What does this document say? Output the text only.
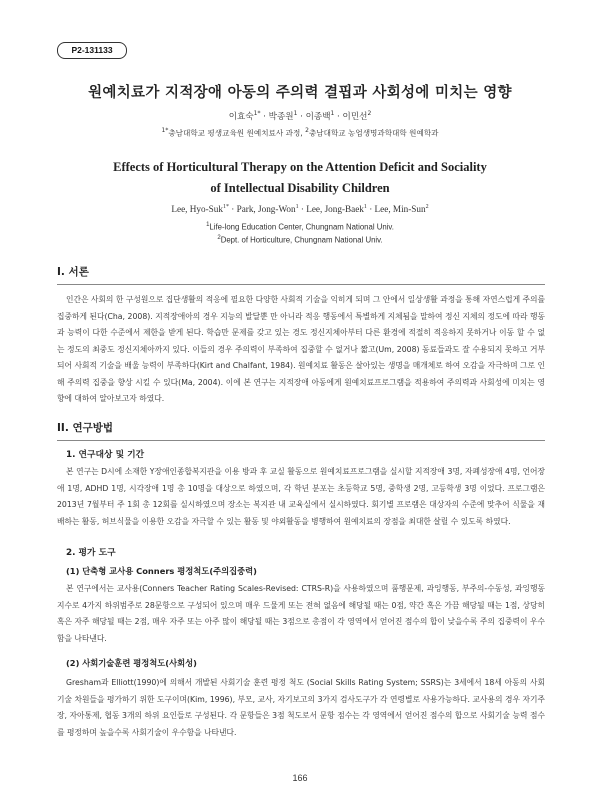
P2-131133
원예치료가 지적장애 아동의 주의력 결핍과 사회성에 미치는 영향
이효숙$^{1*}$ · 박종원$^1$ · 이종백$^1$ · 이민선$^2$
$^{1*}$충남대학교 평생교육원 원예치료사 과정, $^2$충남대학교 농업생명과학대학 원예학과
Effects of Horticultural Therapy on the Attention Deficit and Sociality
of Intellectual Disability Children
Lee, Hyo-Suk$^{1*}$ · Park, Jong-Won$^1$ · Lee, Jong-Baek$^1$ · Lee, Min-Sun$^2$
$^1$Life-long Education Center, Chungnam National Univ.
$^2$Dept. of Horticulture, Chungnam National Univ.
I. 서론

인간은 사회의 한 구성원으로 집단생활의 적응에 필요한 다양한 사회적 기술을 익히게 되며 그 안에서 일상생활 과정을 통해 자연스럽게 주의를 집중하게 된다(Cha, 2008). 지적장애아의 경우 지능의 발달뿐 만 아니라 적응 행동에서 특별하게 지체됨을 말하여 정신 지체의 정도에 따라 행동과 능력이 다한 수준에서 제한을 받게 된다. 학습만 문제를 갖고 있는 경도 정신지체아부터 다른 환경에 적절히 적응하지 못하거나 이동 할 수 없는 정도의 최중도 정신지체아까지 있다. 이들의 경우 주의력이 부족하여 집중할 수 없거나 짧고(Um, 2008) 동료들과도 잘 수용되지 못하고 거부되어 사회적 기술을 배울 능력이 부족하다(Kirt and Chalfant, 1984). 원예치료 활동은 살아있는 생명을 매개체로 하여 오감을 자극하며 그로 인해 주의력 집중을 향상 시킬 수 있다(Ma, 2004). 이에 본 연구는 지적장애 아동에게 원예치료프로그램을 적용하여 주의력과 사회성에 미치는 영향에 대하여 알아보고자 하였다.

II. 연구방법
1. 연구대상 및 기간

본 연구는 D시에 소재한 Y장애인종합복지관을 이용 방과 후 교실 활동으로 원예치료프로그램을 실시할 지적장애 3명, 자폐성장애 4명, 언어장애 1명, ADHD 1명, 시각장애 1명 총 10명을 대상으로 하였으며, 각 학년 분포는 초등학교 5명, 중학생 2명, 고등학생 3명 이었다. 프로그램은 2013년 7월부터 주 1회 총 12회를 실시하였으며 장소는 복지관 내 교육실에서 실시하였다. 회기별 프로램은 대상자의 수준에 맞추어 식물을 재배하는 활동, 허브식물을 이용한 오감을 자극할 수 있는 활동 및 야외활동을 병행하여 원예치료의 장점을 최대한 살릴 수 있도록 하였다.

2. 평가 도구
(1) 단축형 교사용 Conners 평정척도(주의집중력)

본 연구에서는 교사용(Conners Teacher Rating Scales-Revised: CTRS-R)을 사용하였으며 품행문제, 과잉행동, 부주의-수동성, 과잉행동 지수로 4가지 하위범주로 28문항으로 구성되어 있으며 매우 드물게 또는 전혀 없음에 해당될 때는 0점, 약간 혹은 가끔 해당될 때는 1점, 상당히 혹은 자주 해당될 때는 2점, 매우 자주 또는 아주 많이 해당될 때는 3점으로 총점이 각 영역에서 얻어진 점수의 합이 낮을수록 주의 집중력이 우수함을 나타낸다.

(2) 사회기술훈련 평정척도(사회성)

Gresham과 Elliott(1990)에 의해서 개발된 사회기술 훈련 평정 척도 (Social Skills Rating System; SSRS)는 3세에서 18세 아동의 사회 기술 차원들을 평가하기 위한 도구이며(Kim, 1996), 부모, 교사, 자기보고의 3가지 검사도구가 각 연령별로 사용가능하다. 교사용의 경우 자기주장, 자아통제, 협동 3개의 하위 요인들로 구성된다. 각 문항들은 3점 척도로서 문항 점수는 각 영역에서 얻어진 점수의 합으로 사회기술 능력 점수를 평정하며 높을수록 사회기술이 우수함을 나타낸다.

166
